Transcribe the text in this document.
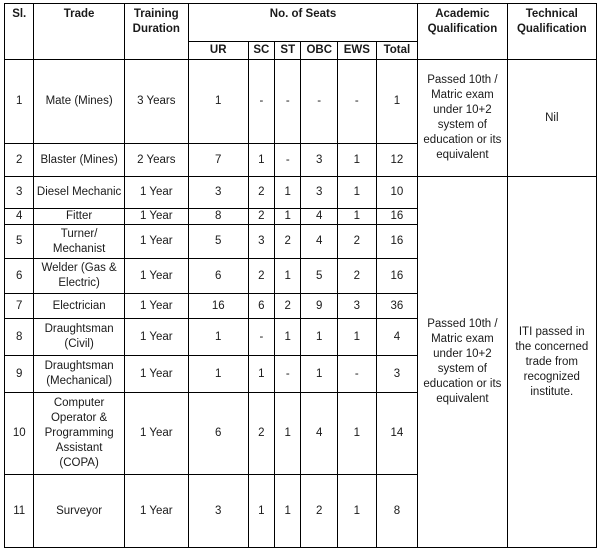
Sl.	Trade	Training Duration	No. of Seats						Academic Qualification	Technical Qualification
			UR	SC	ST	OBC	EWS	Total		
1	Mate (Mines)	3 Years	1	-	-	-	-	1	Passed 10th / Matric exam under 10+2 system of education or its equivalent	Nil
2	Blaster (Mines)	2 Years	7	1	-	3	1	12		
3	Diesel Mechanic	1 Year	3	2	1	3	1	10	Passed 10th / Matric exam under 10+2 system of education or its equivalent	ITI passed in the concerned trade from recognized institute.
4	Fitter	1 Year	8	2	1	4	1	16		
5	Turner/ Mechanist	1 Year	5	3	2	4	2	16		
6	Welder (Gas & Electric)	1 Year	6	2	1	5	2	16		
7	Electrician	1 Year	16	6	2	9	3	36		
8	Draughtsman (Civil)	1 Year	1	-	1	1	1	4		
9	Draughtsman (Mechanical)	1 Year	1	1	-	1	-	3		
10	Computer Operator & Programming Assistant (COPA)	1 Year	6	2	1	4	1	14		
11	Surveyor	1 Year	3	1	1	2	1	8		
